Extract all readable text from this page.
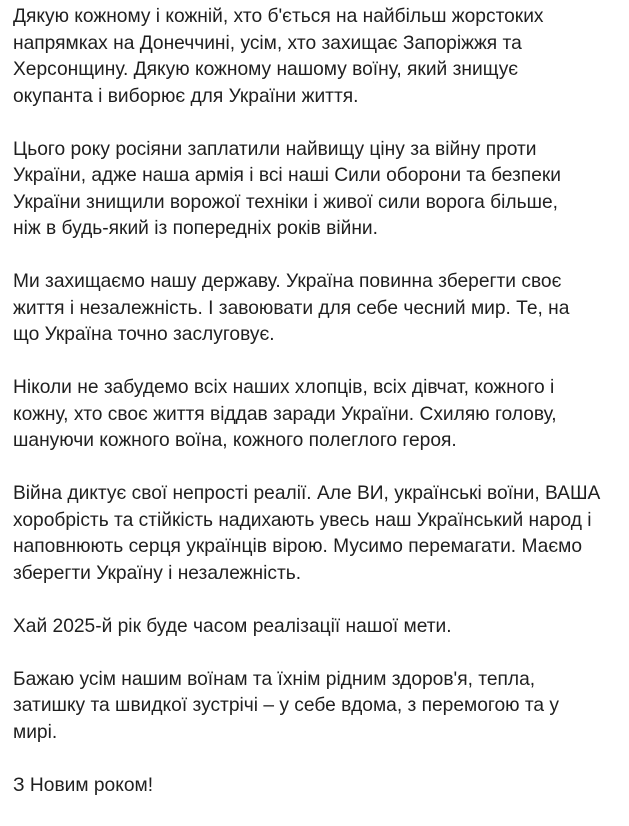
Дякую кожному і кожній, хто б'ється на найбільш жорстоких
напрямках на Донеччині, усім, хто захищає Запоріжжя та
Херсонщину. Дякую кожному нашому воїну, який знищує
окупанта і виборює для України життя.

Цього року росіяни заплатили найвищу ціну за війну проти
України, адже наша армія і всі наші Сили оборони та безпеки
України знищили ворожої техніки і живої сили ворога більше,
ніж в будь-який із попередніх років війни.

Ми захищаємо нашу державу. Україна повинна зберегти своє
життя і незалежність. І завоювати для себе чесний мир. Те, на
що Україна точно заслуговує.

Ніколи не забудемо всіх наших хлопців, всіх дівчат, кожного і
кожну, хто своє життя віддав заради України. Схиляю голову,
шануючи кожного воїна, кожного полеглого героя.

Війна диктує свої непрості реалії. Але ВИ, українські воїни, ВАША
хоробрість та стійкість надихають увесь наш Український народ і
наповнюють серця українців вірою. Мусимо перемагати. Маємо
зберегти Україну і незалежність.

Хай 2025-й рік буде часом реалізації нашої мети.

Бажаю усім нашим воїнам та їхнім рідним здоров'я, тепла,
затишку та швидкої зустрічі – у себе вдома, з перемогою та у
мирі.

З Новим роком!
